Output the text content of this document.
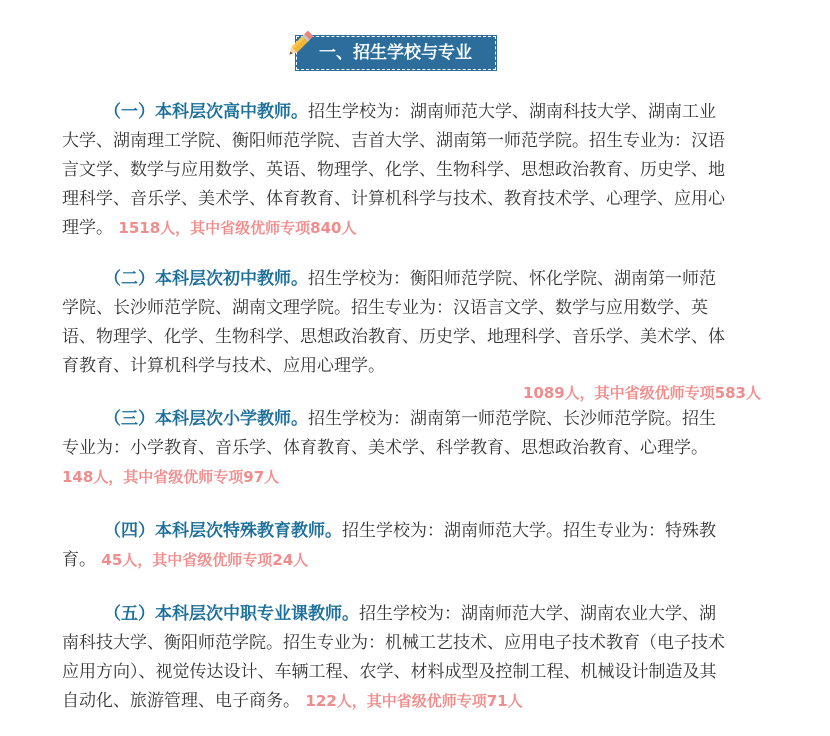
一、招生学校与专业

（一）本科层次高中教师。招生学校为：湖南师范大学、湖南科技大学、湖南工业大学、湖南理工学院、衡阳师范学院、吉首大学、湖南第一师范学院。招生专业为：汉语言文学、数学与应用数学、英语、物理学、化学、生物科学、思想政治教育、历史学、地理科学、音乐学、美术学、体育教育、计算机科学与技术、教育技术学、心理学、应用心理学。 1518人，其中省级优师专项840人

（二）本科层次初中教师。招生学校为：衡阳师范学院、怀化学院、湖南第一师范学院、长沙师范学院、湖南文理学院。招生专业为：汉语言文学、数学与应用数学、英语、物理学、化学、生物科学、思想政治教育、历史学、地理科学、音乐学、美术学、体育教育、计算机科学与技术、应用心理学。
1089人，其中省级优师专项583人

（三）本科层次小学教师。招生学校为：湖南第一师范学院、长沙师范学院。招生专业为：小学教育、音乐学、体育教育、美术学、科学教育、思想政治教育、心理学。 148人，其中省级优师专项97人

（四）本科层次特殊教育教师。招生学校为：湖南师范大学。招生专业为：特殊教育。 45人，其中省级优师专项24人

（五）本科层次中职专业课教师。招生学校为：湖南师范大学、湖南农业大学、湖南科技大学、衡阳师范学院。招生专业为：机械工艺技术、应用电子技术教育（电子技术应用方向）、视觉传达设计、车辆工程、农学、材料成型及控制工程、机械设计制造及其自动化、旅游管理、电子商务。 122人，其中省级优师专项71人
